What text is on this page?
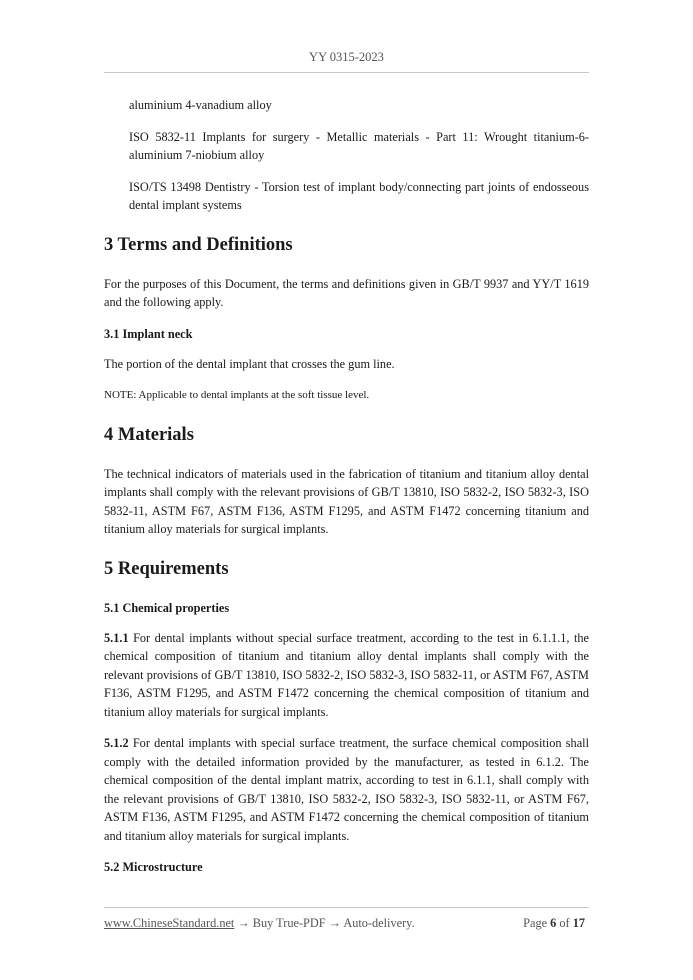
YY 0315-2023

aluminium 4-vanadium alloy

ISO 5832-11 Implants for surgery - Metallic materials - Part 11: Wrought titanium-6-aluminium 7-niobium alloy

ISO/TS 13498 Dentistry - Torsion test of implant body/connecting part joints of endosseous dental implant systems

3 Terms and Definitions

For the purposes of this Document, the terms and definitions given in GB/T 9937 and YY/T 1619 and the following apply.

3.1 Implant neck

The portion of the dental implant that crosses the gum line.

NOTE: Applicable to dental implants at the soft tissue level.

4 Materials

The technical indicators of materials used in the fabrication of titanium and titanium alloy dental implants shall comply with the relevant provisions of GB/T 13810, ISO 5832-2, ISO 5832-3, ISO 5832-11, ASTM F67, ASTM F136, ASTM F1295, and ASTM F1472 concerning titanium and titanium alloy materials for surgical implants.

5 Requirements
5.1 Chemical properties

5.1.1 For dental implants without special surface treatment, according to the test in 6.1.1.1, the chemical composition of titanium and titanium alloy dental implants shall comply with the relevant provisions of GB/T 13810, ISO 5832-2, ISO 5832-3, ISO 5832-11, or ASTM F67, ASTM F136, ASTM F1295, and ASTM F1472 concerning the chemical composition of titanium and titanium alloy materials for surgical implants.

5.1.2 For dental implants with special surface treatment, the surface chemical composition shall comply with the detailed information provided by the manufacturer, as tested in 6.1.2. The chemical composition of the dental implant matrix, according to test in 6.1.1, shall comply with the relevant provisions of GB/T 13810, ISO 5832-2, ISO 5832-3, ISO 5832-11, or ASTM F67, ASTM F136, ASTM F1295, and ASTM F1472 concerning the chemical composition of titanium and titanium alloy materials for surgical implants.

5.2 Microstructure
www.ChineseStandard.net → Buy True-PDF → Auto-delivery.	Page 6 of 17
